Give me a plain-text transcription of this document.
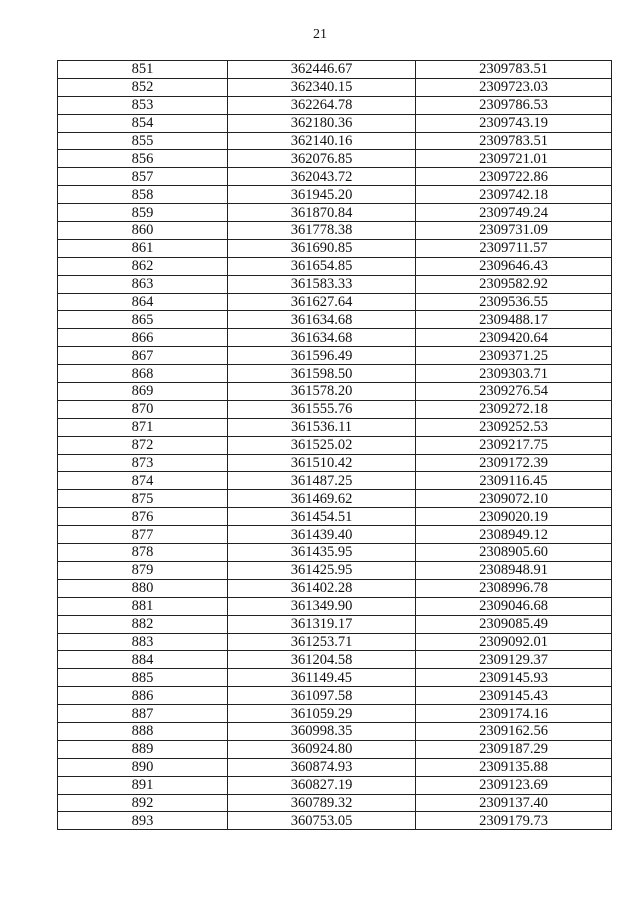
21
851	362446.67	2309783.51
852	362340.15	2309723.03
853	362264.78	2309786.53
854	362180.36	2309743.19
855	362140.16	2309783.51
856	362076.85	2309721.01
857	362043.72	2309722.86
858	361945.20	2309742.18
859	361870.84	2309749.24
860	361778.38	2309731.09
861	361690.85	2309711.57
862	361654.85	2309646.43
863	361583.33	2309582.92
864	361627.64	2309536.55
865	361634.68	2309488.17
866	361634.68	2309420.64
867	361596.49	2309371.25
868	361598.50	2309303.71
869	361578.20	2309276.54
870	361555.76	2309272.18
871	361536.11	2309252.53
872	361525.02	2309217.75
873	361510.42	2309172.39
874	361487.25	2309116.45
875	361469.62	2309072.10
876	361454.51	2309020.19
877	361439.40	2308949.12
878	361435.95	2308905.60
879	361425.95	2308948.91
880	361402.28	2308996.78
881	361349.90	2309046.68
882	361319.17	2309085.49
883	361253.71	2309092.01
884	361204.58	2309129.37
885	361149.45	2309145.93
886	361097.58	2309145.43
887	361059.29	2309174.16
888	360998.35	2309162.56
889	360924.80	2309187.29
890	360874.93	2309135.88
891	360827.19	2309123.69
892	360789.32	2309137.40
893	360753.05	2309179.73
